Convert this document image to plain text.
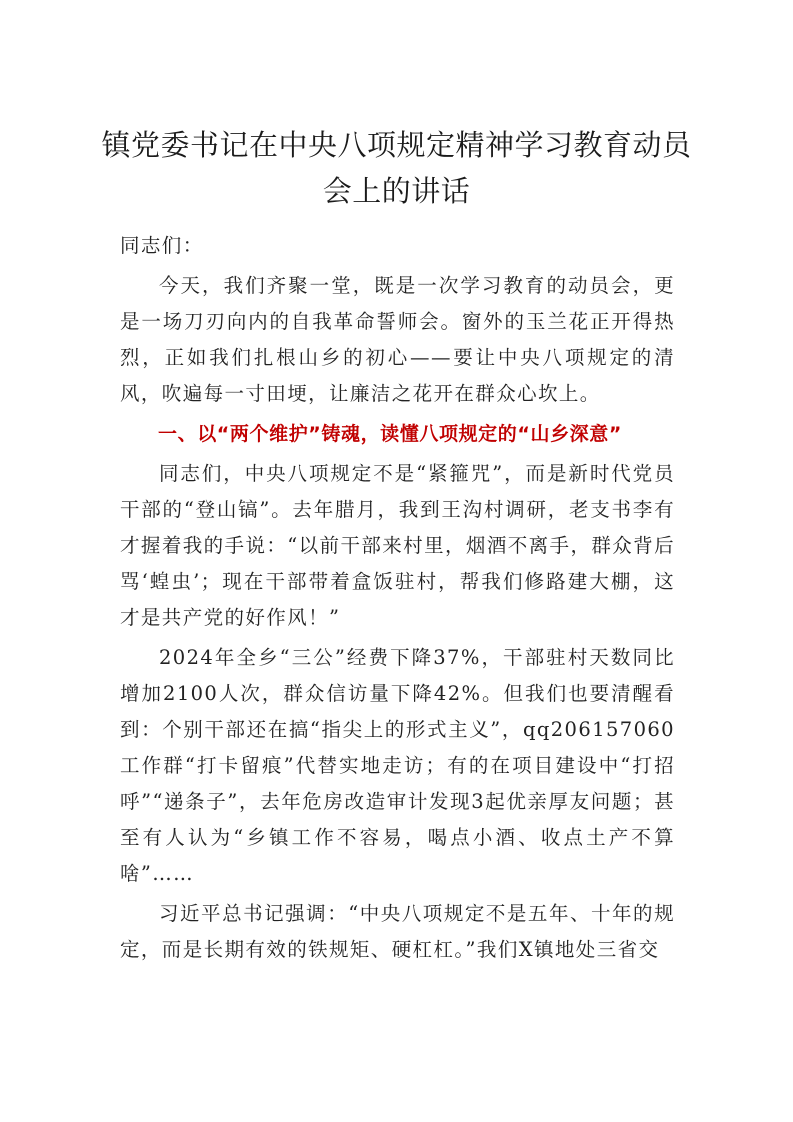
镇党委书记在中央八项规定精神学习教育动员会上的讲话

同志们：

今天，我们齐聚一堂，既是一次学习教育的动员会，更是一场刀刃向内的自我革命誓师会。窗外的玉兰花正开得热烈，正如我们扎根山乡的初心——要让中央八项规定的清风，吹遍每一寸田埂，让廉洁之花开在群众心坎上。

一、以“两个维护”铸魂，读懂八项规定的“山乡深意”

同志们，中央八项规定不是“紧箍咒”，而是新时代党员干部的“登山镐”。去年腊月，我到王沟村调研，老支书李有才握着我的手说：“以前干部来村里，烟酒不离手，群众背后骂‘蝗虫’；现在干部带着盒饭驻村，帮我们修路建大棚，这才是共产党的好作风！”

2024年全乡“三公”经费下降37%，干部驻村天数同比增加2100人次，群众信访量下降42%。但我们也要清醒看到：个别干部还在搞“指尖上的形式主义”，qq206157060工作群“打卡留痕”代替实地走访；有的在项目建设中“打招呼”“递条子”，去年危房改造审计发现3起优亲厚友问题；甚至有人认为“乡镇工作不容易，喝点小酒、收点土产不算啥”……

习近平总书记强调：“中央八项规定不是五年、十年的规定，而是长期有效的铁规矩、硬杠杠。”我们X镇地处三省交
